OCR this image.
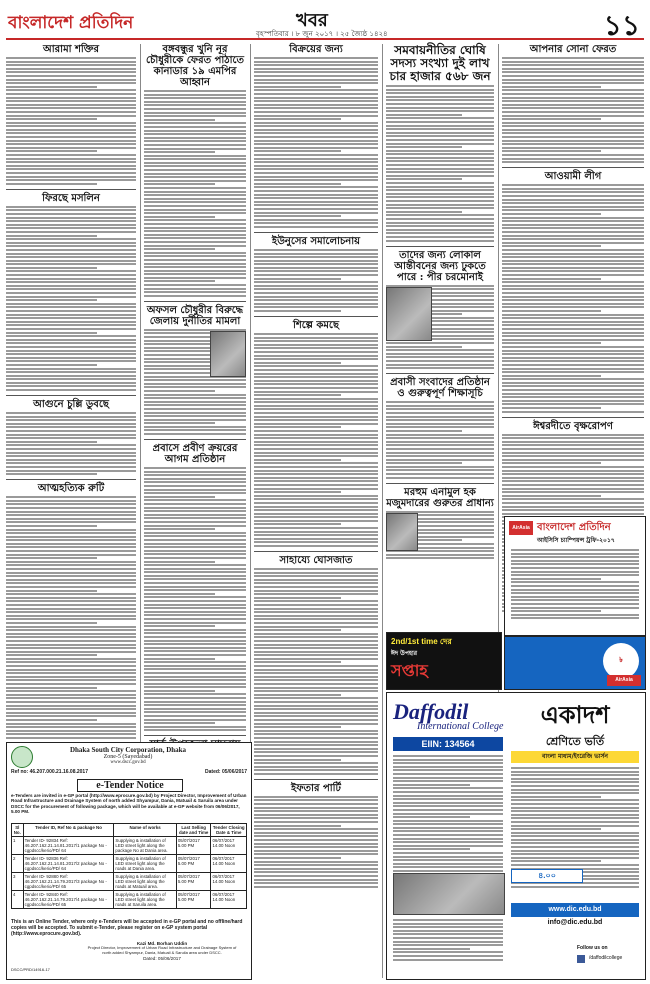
বাংলাদেশ প্রতিদিন	খবর
বৃহস্পতিবার । ৮ জুন ২০১৭ । ২৫ জ্যৈষ্ঠ ১৪২৪	১১
আরামা শক্তির
ফিরছে মসলিন
আগুনে চুল্লি ডুবছে
আত্মহত্যিক রুটি
বঙ্গবন্ধুর খুনি নূর চৌধুরীকে ফেরত পাঠাতে কানাডার ১৯ এমপির আহ্বান
অফসল চৌধুরীর বিরুদ্ধে জেলায় দুর্নীতির মামলা
প্রবাসে প্রবীণ ক্রয়রের আগম প্রতিষ্ঠান
বিক্রয়ের জন্য
ইউনুসের সমালোচনায়
শিল্পে কমছে
সাহায্যে ঘোসজাত
ইফতার পার্টি
সমবায়নীতির ঘোষি সদস্য সংখ্যা দুই লাখ চার হাজার ৫৬৮ জন
তাদের জন্য লোকাল আন্তীবনের জন্য ঢুকতে পারে : পীর চরমোনাই
প্রবাসী সংবাদের প্রতিষ্ঠান ও গুরুত্বপূর্ণ শিক্ষাসূচি
মরহুম এনামুল হক মজুমদারের গুরুতর প্রাধান্য
আপনার সোনা ফেরত
আওয়ামী লীগ
ঈশ্বরদীতে বৃক্ষরোপণ
AirAsia বাংলাদেশ প্রতিদিন
আইসিসি চ্যাম্পিয়ন্স ট্রফি-২০১৭
৳
AirAsia
2nd/1st time দের
ঈদ উপহার
সপ্তাহ
Daffodil
International College
EIIN: 134564
একাদশ
শ্রেণিতে ভর্তি
বাংলা মাধ্যম/ইংরেজি ভার্সন
৪.০০
www.dic.edu.bd
info@dic.edu.bd
Follow us on
/daffodilcollege
Dhaka South City Corporation, Dhaka
Zone-5 (Sayedabad)
www.dscc.gov.bd
Ref no: 46.207.000.21.16.08.2017	Dated: 05/06/2017
e-Tender Notice
e-Tenders are invited in e-GP portal (http://www.eprocure.gov.bd) by Project Director, Improvement of Urban Road Infrastructure and Drainage System of north added Shyampur, Dania, Matuail & Saruila area under DSCC for the procurement of following package, which will be available at e-GP website from 06/06/2017, 5.00 PM.
Sl No.	Tender ID, Ref No & package No	Name of works	Last Selling date and Time	Tender Closing Date & Time
1	Tender ID- 92834 Ref: 46.207.162.21.14.81.2017/1 package No -cgpdscc/kerio/PD/ 64	Supplying & installation of LED street light along the package No at Dania area.	05/07/2017 5.00 PM	06/07/2017 14.00 Noon
2	Tender ID- 92836 Ref: 46.207.162.21.14.81.2017/2 package No -cgpdscc/kerio/PD/ 64	Supplying & installation of LED street light along the roads at Dania area.	05/07/2017 5.00 PM	06/07/2017 14.00 Noon
3	Tender ID- 92880 Ref: 46.207.162.21.14.79.2017/3 package No -cgpdscc/kerio/PD/ 65	Supplying & installation of LED street light along the roads at Matuail area.	05/07/2017 5.00 PM	06/07/2017 14.00 Noon
4	Tender ID- 92840 Ref: 46.207.162.21.14.79.2017/4 package No -cgpdscc/kerio/PD/ 65	Supplying & installation of LED street light along the roads at Saruila area.	05/07/2017 5.00 PM	06/07/2017 14.00 Noon
This is an Online Tender, where only e-Tenders will be accepted in e-GP portal and no offline/hard copies will be accepted. To submit e-Tender, please register on e-GP system portal (http://www.eprocure.gov.bd).
Kazi Md. Borhan Uddin
Project Director, Improvement of Urban Road Infrastructure and Drainage System of north added Shyampur, Dania, Matuail & Saruila area under DSCC.
Dated: 05/06/2017
DSCC/PRD/14916-17
